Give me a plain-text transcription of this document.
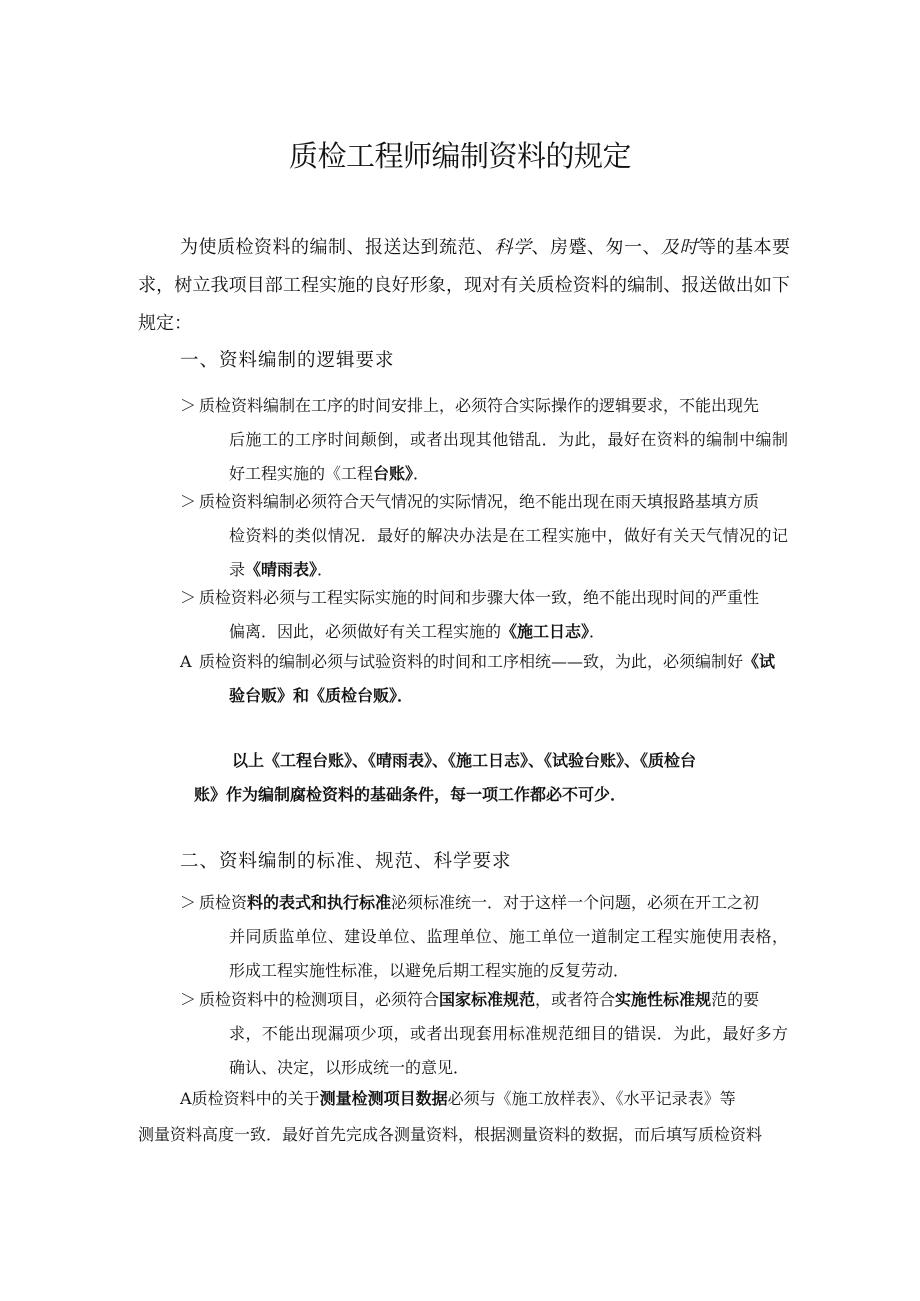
质检工程师编制资料的规定

为使质检资料的编制、报送达到巯范、科学、房蹙、匆一、及时等的基本要求，树立我项目部工程实施的良好形象，现对有关质检资料的编制、报送做出如下规定：

一、资料编制的逻辑要求
＞ 质检资料编制在工序的时间安排上，必须符合实际操作的逻辑要求，不能出现先
后施工的工序时间颠倒，或者出现其他错乱．为此，最好在资料的编制中编制好工程实施的《工程台账》．
＞ 质检资料编制必须符合天气情况的实际情况，绝不能出现在雨天填报路基填方质
检资料的类似情况．最好的解决办法是在工程实施中，做好有关天气情况的记录《晴雨表》．
＞ 质检资料必须与工程实际实施的时间和步骤大体一致，绝不能出现时间的严重性
偏离．因此，必须做好有关工程实施的《施工日志》．
A 质检资料的编制必须与试验资料的时间和工序相统——致，为此，必须编制好《试
验台贩》和《质检台贩》．
以上《工程台账》、《晴雨表》、《施工日志》、《试验台账》、《质检台
账》作为编制腐检资料的基础条件，每一项工作都必不可少．
二、资料编制的标准、规范、科学要求
＞ 质检资料的表式和执行标准泌须标准统一．对于这样一个问题，必须在开工之初
并同质监单位、建设单位、监理单位、施工单位一道制定工程实施使用表格，形成工程实施性标准，以避免后期工程实施的反复劳动．
＞ 质检资料中的检测项目，必须符合国家标准规范，或者符合实施性标准规范的要
求，不能出现漏项少项，或者出现套用标准规范细目的错误．为此，最好多方确认、决定，以形成统一的意见．
A质检资料中的关于测量检测项目数据必须与《施工放样表》、《水平记录表》等
测量资料高度一致．最好首先完成各测量资料，根据测量资料的数据，而后填写质检资料
